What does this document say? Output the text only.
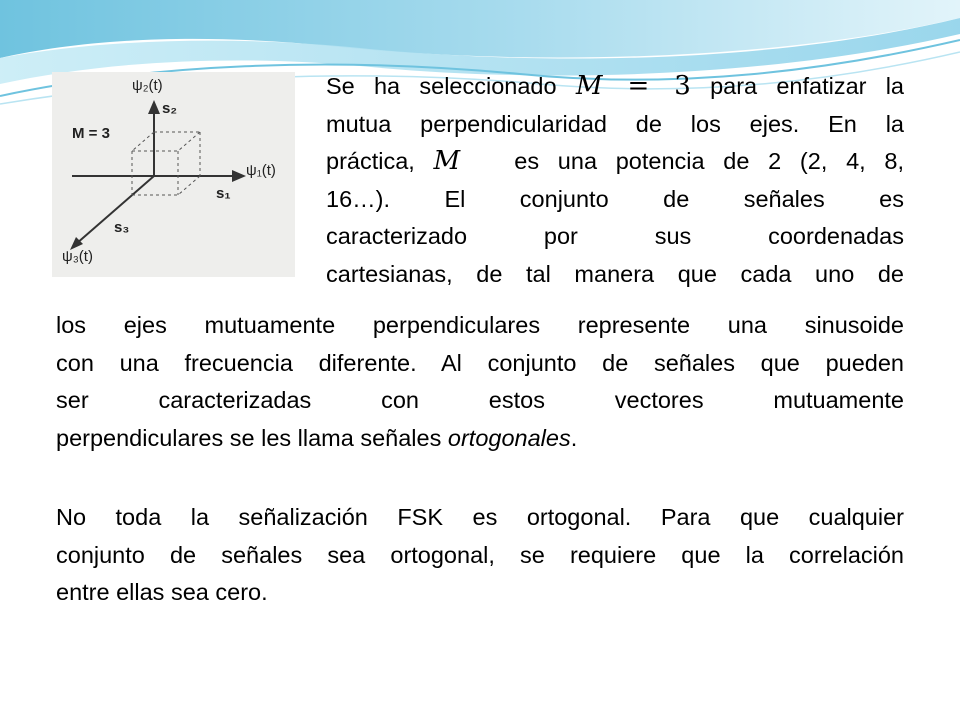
ψ₂(t)
s₂
M = 3
ψ₁(t)
s₁
s₃
ψ₃(t)
Se ha seleccionado M = 3 para enfatizar la
mutua perpendicularidad de los ejes. En la
práctica, M es una potencia de 2 (2, 4, 8,
16…). El conjunto de señales es
caracterizado por sus coordenadas
cartesianas, de tal manera que cada uno de
los ejes mutuamente perpendiculares represente una sinusoide
con una frecuencia diferente. Al conjunto de señales que pueden
ser caracterizadas con estos vectores mutuamente
perpendiculares se les llama señales ortogonales.
No toda la señalización FSK es ortogonal. Para que cualquier
conjunto de señales sea ortogonal, se requiere que la correlación
entre ellas sea cero.
